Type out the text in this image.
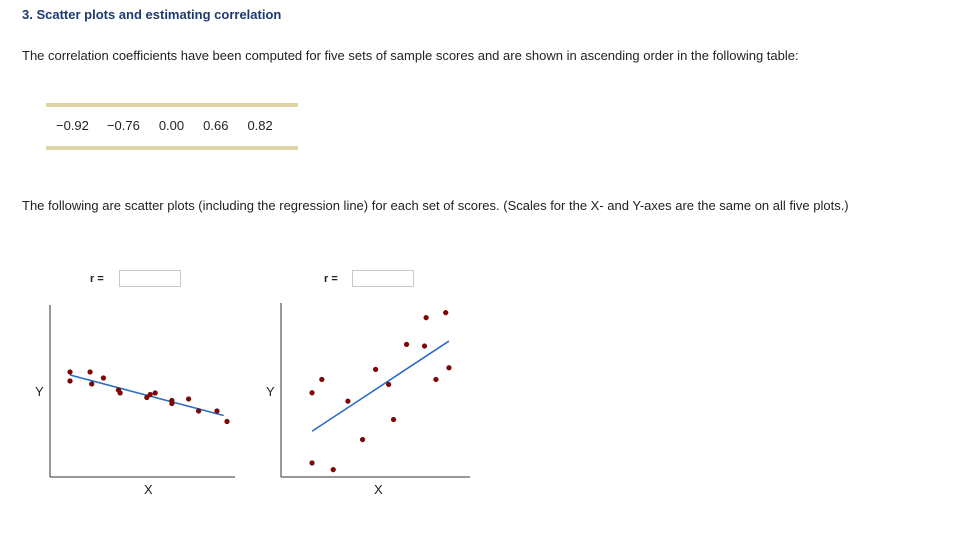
3. Scatter plots and estimating correlation
The correlation coefficients have been computed for five sets of sample scores and are shown in ascending order in the following table:
−0.92 −0.76 0.00 0.66 0.82
The following are scatter plots (including the regression line) for each set of scores. (Scales for the X- and Y-axes are the same on all five plots.)
r =
Y
X
r =
Y
X
